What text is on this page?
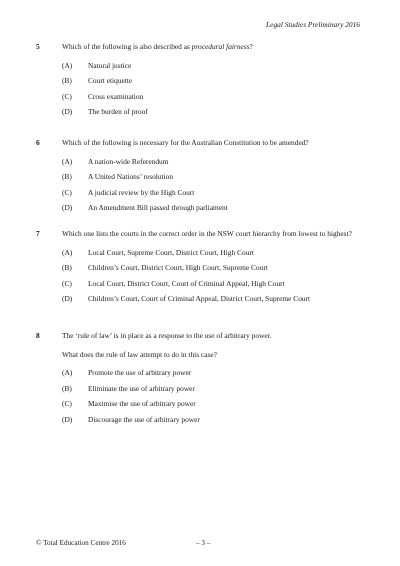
Legal Studies Preliminary 2016
5	Which of the following is also described as procedural fairness?
(A)	Natural justice
(B)	Court etiquette
(C)	Cross examination
(D)	The burden of proof
6	Which of the following is necessary for the Australian Constitution to be amended?
(A)	A nation-wide Referendum
(B)	A United Nations’ resolution
(C)	A judicial review by the High Court
(D)	An Amendment Bill passed through parliament
7	Which one lists the courts in the correct order in the NSW court hierarchy from lowest to highest?
(A)	Local Court, Supreme Court, District Court, High Court
(B)	Children’s Court, District Court, High Court, Supreme Court
(C)	Local Court, District Court, Court of Criminal Appeal, High Court
(D)	Children’s Court, Court of Criminal Appeal, District Court, Supreme Court
8	The ‘rule of law’ is in place as a response to the use of arbitrary power.
What does the rule of law attempt to do in this case?
(A)	Promote the use of arbitrary power
(B)	Eliminate the use of arbitrary power
(C)	Maximise the use of arbitrary power
(D)	Discourage the use of arbitrary power
© Total Education Centre 2016	– 3 –
